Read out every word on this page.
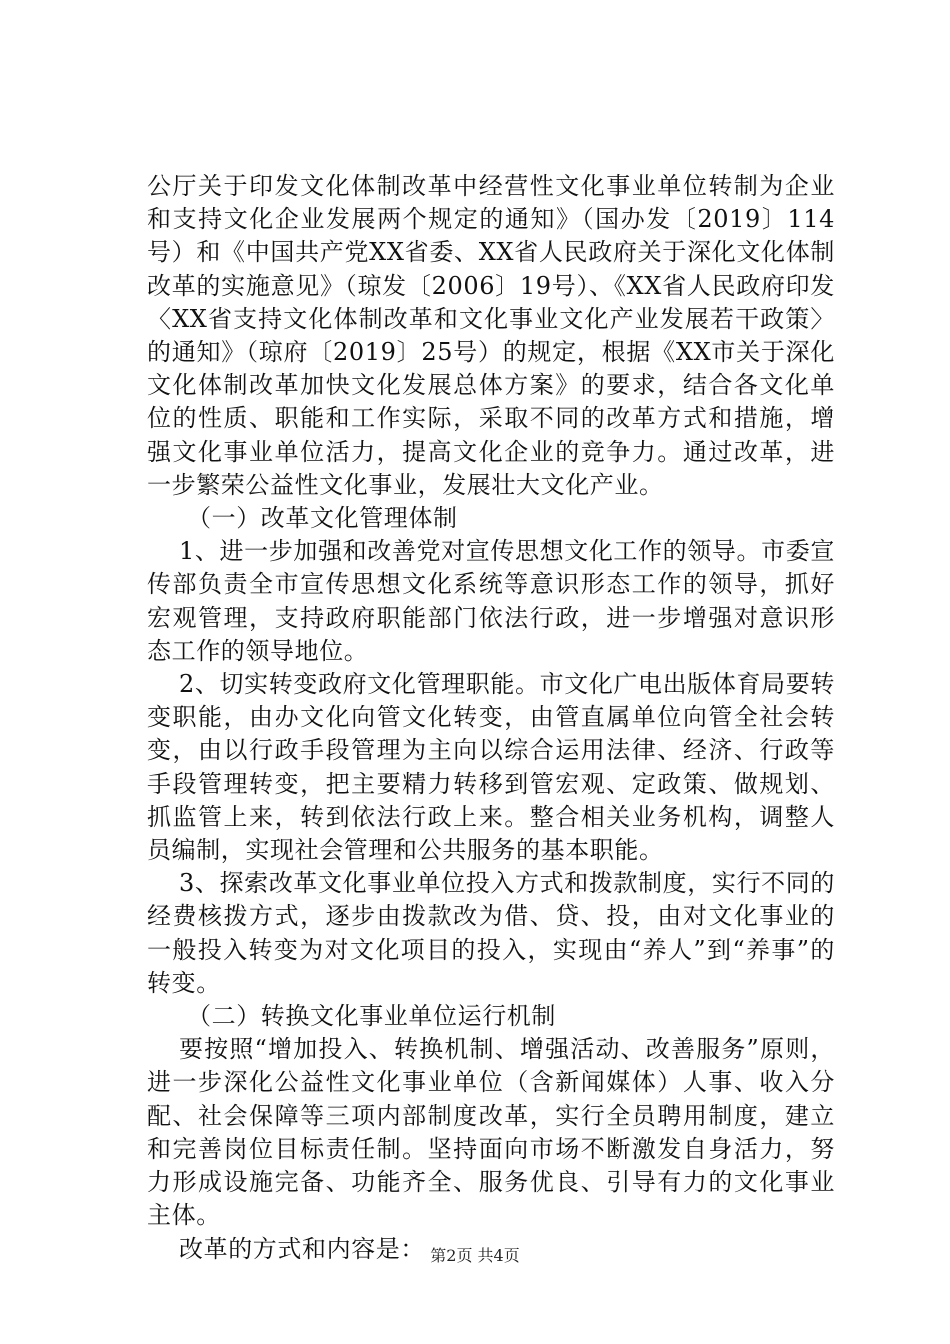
公厅关于印发文化体制改革中经营性文化事业单位转制为企业和支持文化企业发展两个规定的通知》（国办发〔2019〕114号）和《中国共产党XX省委、XX省人民政府关于深化文化体制改革的实施意见》（琼发〔2006〕19号）、《XX省人民政府印发〈XX省支持文化体制改革和文化事业文化产业发展若干政策〉的通知》（琼府〔2019〕25号）的规定，根据《XX市关于深化文化体制改革加快文化发展总体方案》的要求，结合各文化单位的性质、职能和工作实际，采取不同的改革方式和措施，增强文化事业单位活力，提高文化企业的竞争力。通过改革，进一步繁荣公益性文化事业，发展壮大文化产业。

（一）改革文化管理体制

1、进一步加强和改善党对宣传思想文化工作的领导。市委宣传部负责全市宣传思想文化系统等意识形态工作的领导，抓好宏观管理，支持政府职能部门依法行政，进一步增强对意识形态工作的领导地位。

2、切实转变政府文化管理职能。市文化广电出版体育局要转变职能，由办文化向管文化转变，由管直属单位向管全社会转变，由以行政手段管理为主向以综合运用法律、经济、行政等手段管理转变，把主要精力转移到管宏观、定政策、做规划、抓监管上来，转到依法行政上来。整合相关业务机构，调整人员编制，实现社会管理和公共服务的基本职能。

3、探索改革文化事业单位投入方式和拨款制度，实行不同的经费核拨方式，逐步由拨款改为借、贷、投，由对文化事业的一般投入转变为对文化项目的投入，实现由“养人”到“养事”的转变。

（二）转换文化事业单位运行机制

要按照“增加投入、转换机制、增强活动、改善服务”原则，进一步深化公益性文化事业单位（含新闻媒体）人事、收入分配、社会保障等三项内部制度改革，实行全员聘用制度，建立和完善岗位目标责任制。坚持面向市场不断激发自身活力，努力形成设施完备、功能齐全、服务优良、引导有力的文化事业主体。

改革的方式和内容是： 第2页 共4页
